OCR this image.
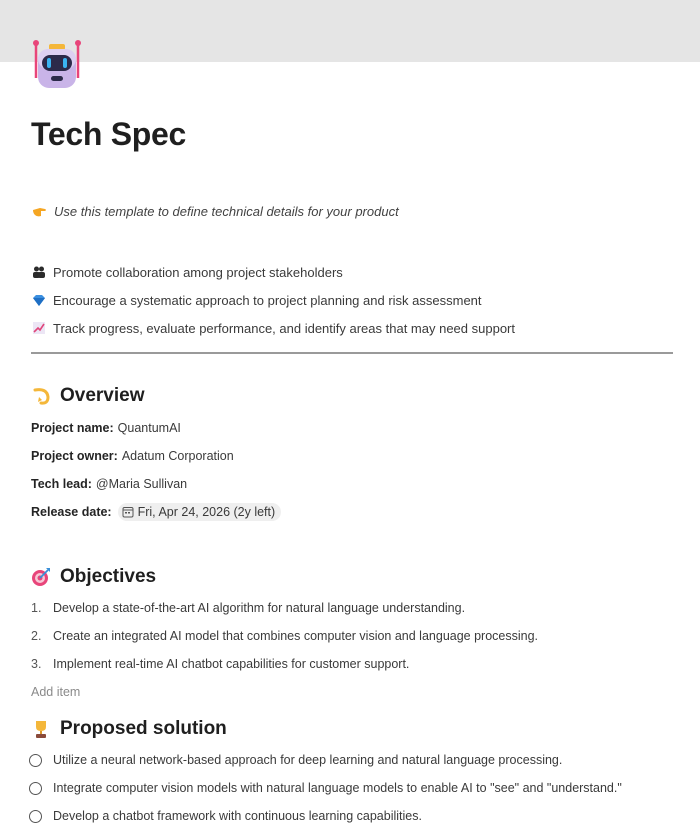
Tech Spec
Use this template to define technical details for your product
Promote collaboration among project stakeholders
Encourage a systematic approach to project planning and risk assessment
Track progress, evaluate performance, and identify areas that may need support
Overview
Project name: QuantumAI
Project owner: Adatum Corporation
Tech lead: @Maria Sullivan
Release date: Fri, Apr 24, 2026 (2y left)
Objectives
1. Develop a state-of-the-art AI algorithm for natural language understanding.
2. Create an integrated AI model that combines computer vision and language processing.
3. Implement real-time AI chatbot capabilities for customer support.
Add item
Proposed solution
Utilize a neural network-based approach for deep learning and natural language processing.
Integrate computer vision models with natural language models to enable AI to "see" and "understand."
Develop a chatbot framework with continuous learning capabilities.
